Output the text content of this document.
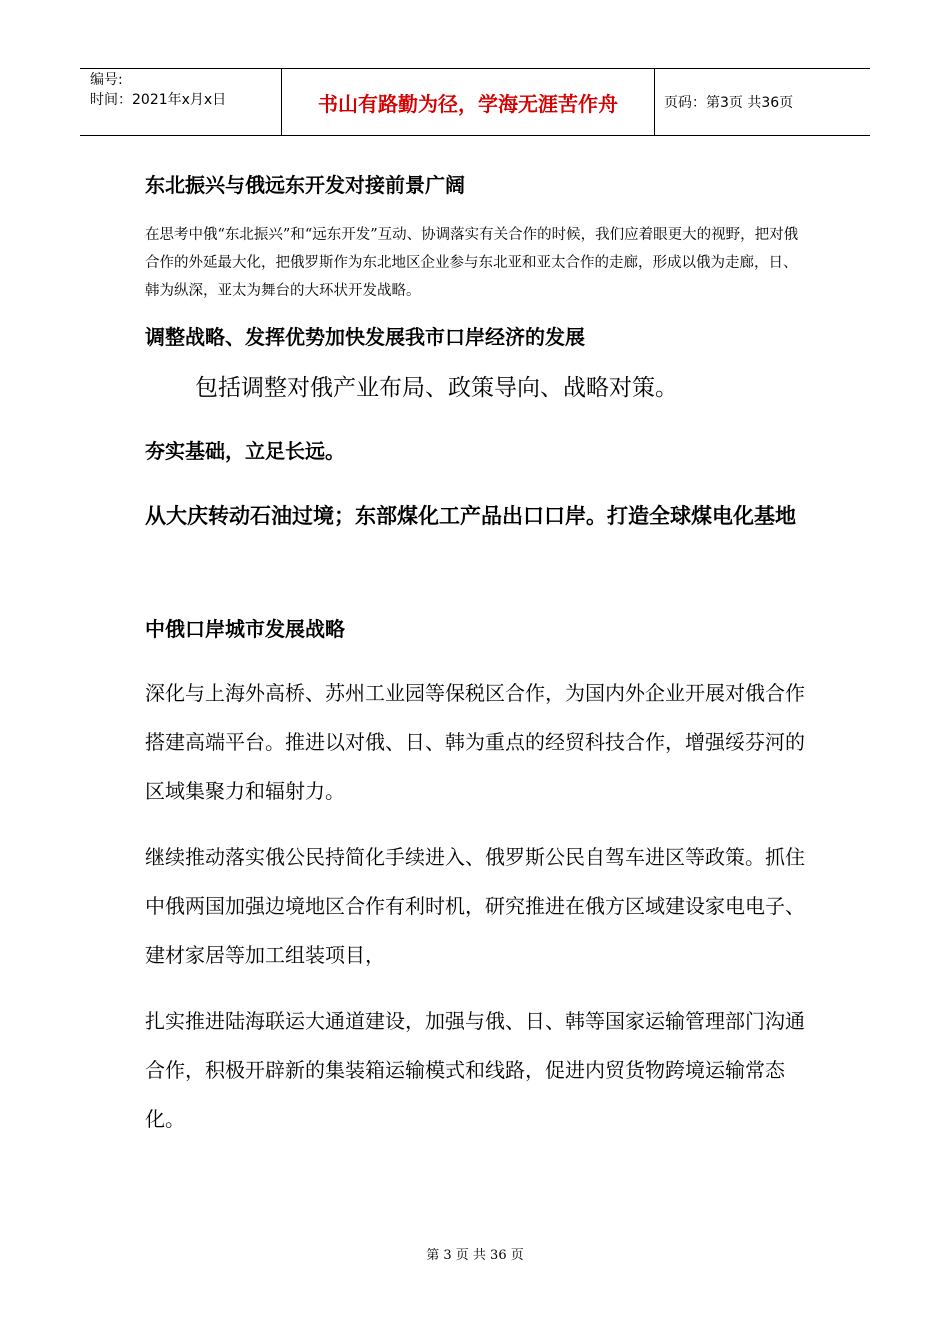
编号:
时间：2021年x月x日	书山有路勤为径，学海无涯苦作舟	页码：第3页 共36页
东北振兴与俄远东开发对接前景广阔
在思考中俄“东北振兴”和“远东开发”互动、协调落实有关合作的时候，我们应着眼更大的视野，把对俄合作的外延最大化，把俄罗斯作为东北地区企业参与东北亚和亚太合作的走廊，形成以俄为走廊，日、韩为纵深，亚太为舞台的大环状开发战略。
调整战略、发挥优势加快发展我市口岸经济的发展
包括调整对俄产业布局、政策导向、战略对策。
夯实基础，立足长远。
从大庆转动石油过境；东部煤化工产品出口口岸。打造全球煤电化基地
中俄口岸城市发展战略
深化与上海外高桥、苏州工业园等保税区合作，为国内外企业开展对俄合作搭建高端平台。推进以对俄、日、韩为重点的经贸科技合作，增强绥芬河的区域集聚力和辐射力。
继续推动落实俄公民持简化手续进入、俄罗斯公民自驾车进区等政策。抓住中俄两国加强边境地区合作有利时机，研究推进在俄方区域建设家电电子、建材家居等加工组装项目，
扎实推进陆海联运大通道建设，加强与俄、日、韩等国家运输管理部门沟通合作，积极开辟新的集装箱运输模式和线路，促进内贸货物跨境运输常态化。
第 3 页 共 36 页
